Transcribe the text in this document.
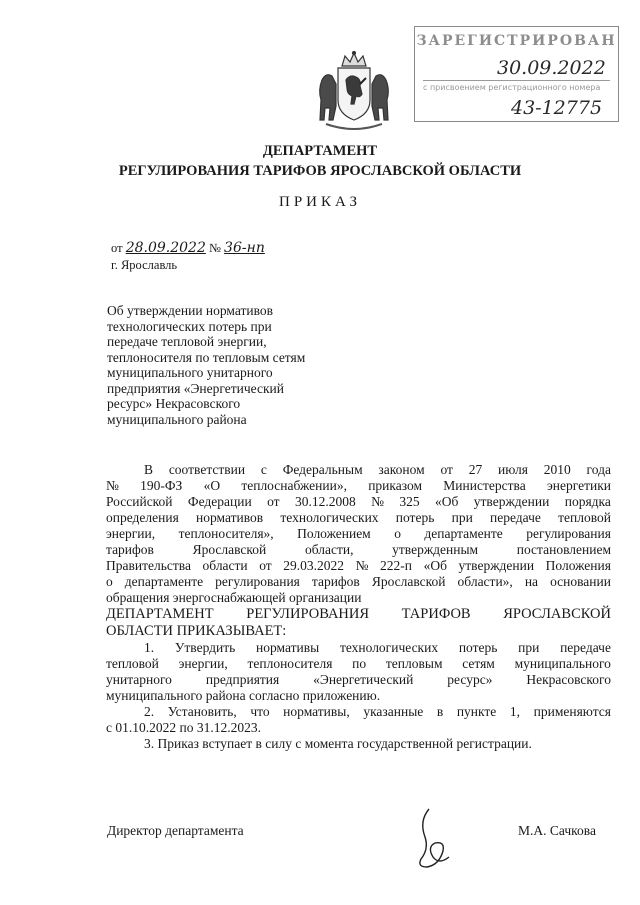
ЗАРЕГИСТРИРОВАН
30.09.2022
с присвоением регистрационного номера
43-12775
ДЕПАРТАМЕНТ
РЕГУЛИРОВАНИЯ ТАРИФОВ ЯРОСЛАВСКОЙ ОБЛАСТИ
ПРИКАЗ
от 28.09.2022 № 36-нп
г. Ярославль
Об утверждении нормативов
технологических потерь при
передаче тепловой энергии,
теплоносителя по тепловым сетям
муниципального унитарного
предприятия «Энергетический
ресурс» Некрасовского
муниципального района
В соответствии с Федеральным законом от 27 июля 2010 года
№ 190-ФЗ «О теплоснабжении», приказом Министерства энергетики
Российской Федерации от 30.12.2008 № 325 «Об утверждении порядка
определения нормативов технологических потерь при передаче тепловой
энергии, теплоносителя», Положением о департаменте регулирования
тарифов	Ярославской	области,	утвержденным	постановлением
Правительства области от 29.03.2022 № 222-п «Об утверждении Положения
о департаменте регулирования тарифов Ярославской области», на основании
обращения энергоснабжающей организации
ДЕПАРТАМЕНТ РЕГУЛИРОВАНИЯ ТАРИФОВ ЯРОСЛАВСКОЙ
ОБЛАСТИ ПРИКАЗЫВАЕТ:
1. Утвердить нормативы технологических потерь при передаче
тепловой энергии, теплоносителя по тепловым сетям муниципального
унитарного	предприятия	«Энергетический	ресурс»	Некрасовского
муниципального района согласно приложению.
2. Установить, что нормативы, указанные в пункте 1, применяются
с 01.10.2022 по 31.12.2023.
3. Приказ вступает в силу с момента государственной регистрации.
Директор департамента	М.А. Сачкова
